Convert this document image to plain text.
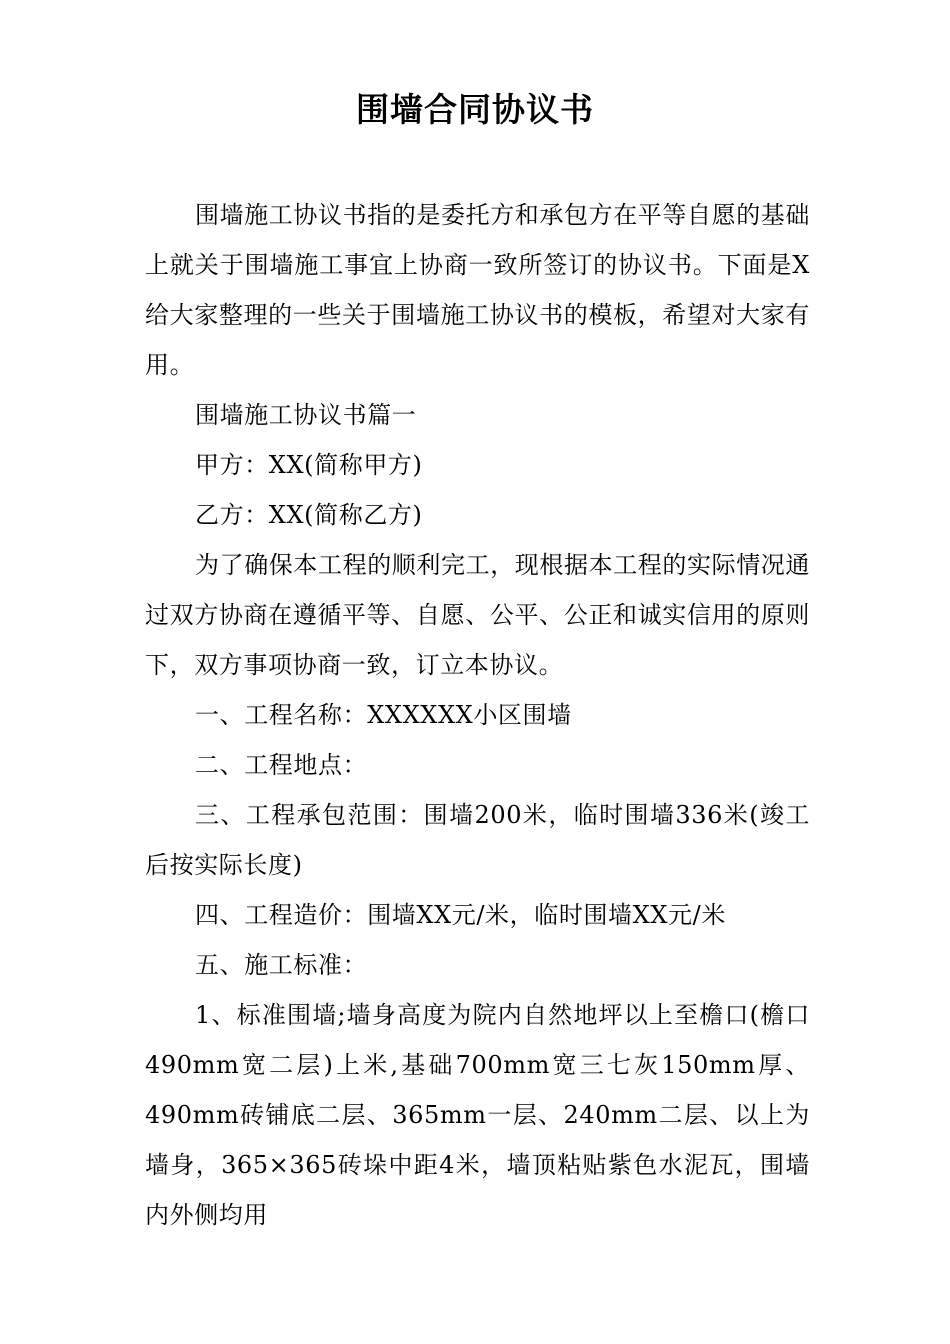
围墙合同协议书

围墙施工协议书指的是委托方和承包方在平等自愿的基础上就关于围墙施工事宜上协商一致所签订的协议书。下面是X给大家整理的一些关于围墙施工协议书的模板，希望对大家有用。

围墙施工协议书篇一

甲方：XX(简称甲方)

乙方：XX(简称乙方)

为了确保本工程的顺利完工，现根据本工程的实际情况通过双方协商在遵循平等、自愿、公平、公正和诚实信用的原则下，双方事项协商一致，订立本协议。

一、工程名称：XXXXXX小区围墙

二、工程地点：

三、工程承包范围：围墙200米，临时围墙336米(竣工后按实际长度)

四、工程造价：围墙XX元/米，临时围墙XX元/米

五、施工标准：

1、标准围墙;墙身高度为院内自然地坪以上至檐口(檐口490mm宽二层)上米,基础700mm宽三七灰150mm厚、490mm砖铺底二层、365mm一层、240mm二层、以上为墙身，365×365砖垛中距4米，墙顶粘贴紫色水泥瓦，围墙内外侧均用
